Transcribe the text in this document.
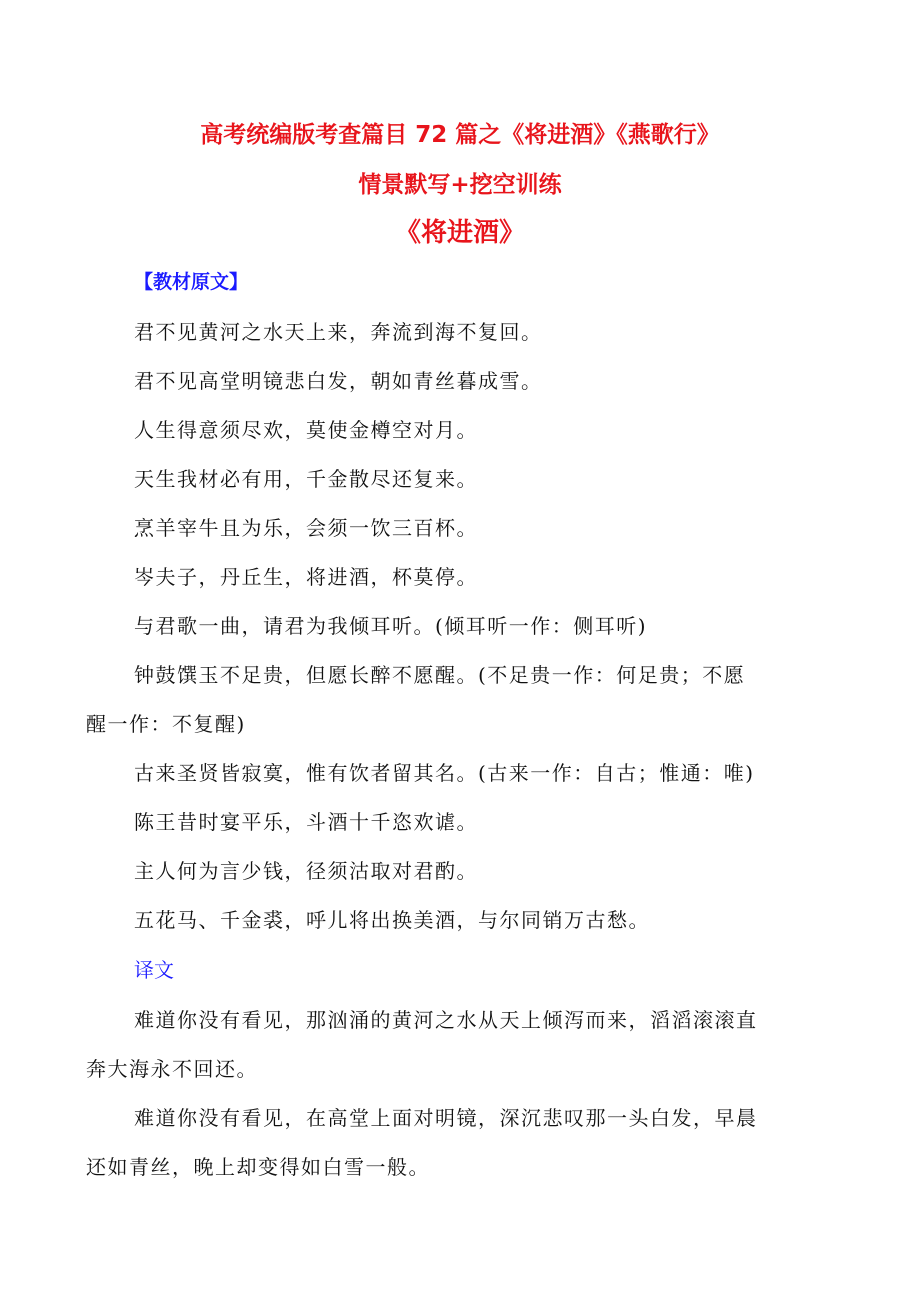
高考统编版考查篇目 72 篇之《将进酒》《燕歌行》
情景默写+挖空训练
《将进酒》
【教材原文】
君不见黄河之水天上来，奔流到海不复回。
君不见高堂明镜悲白发，朝如青丝暮成雪。
人生得意须尽欢，莫使金樽空对月。
天生我材必有用，千金散尽还复来。
烹羊宰牛且为乐，会须一饮三百杯。
岑夫子，丹丘生，将进酒，杯莫停。
与君歌一曲，请君为我倾耳听。(倾耳听一作：侧耳听)
钟鼓馔玉不足贵，但愿长醉不愿醒。(不足贵一作：何足贵；不愿
醒一作：不复醒)
古来圣贤皆寂寞，惟有饮者留其名。(古来一作：自古；惟通：唯)
陈王昔时宴平乐，斗酒十千恣欢谑。
主人何为言少钱，径须沽取对君酌。
五花马、千金裘，呼儿将出换美酒，与尔同销万古愁。
译文
难道你没有看见，那汹涌的黄河之水从天上倾泻而来，滔滔滚滚直
奔大海永不回还。
难道你没有看见，在高堂上面对明镜，深沉悲叹那一头白发，早晨
还如青丝，晚上却变得如白雪一般。
